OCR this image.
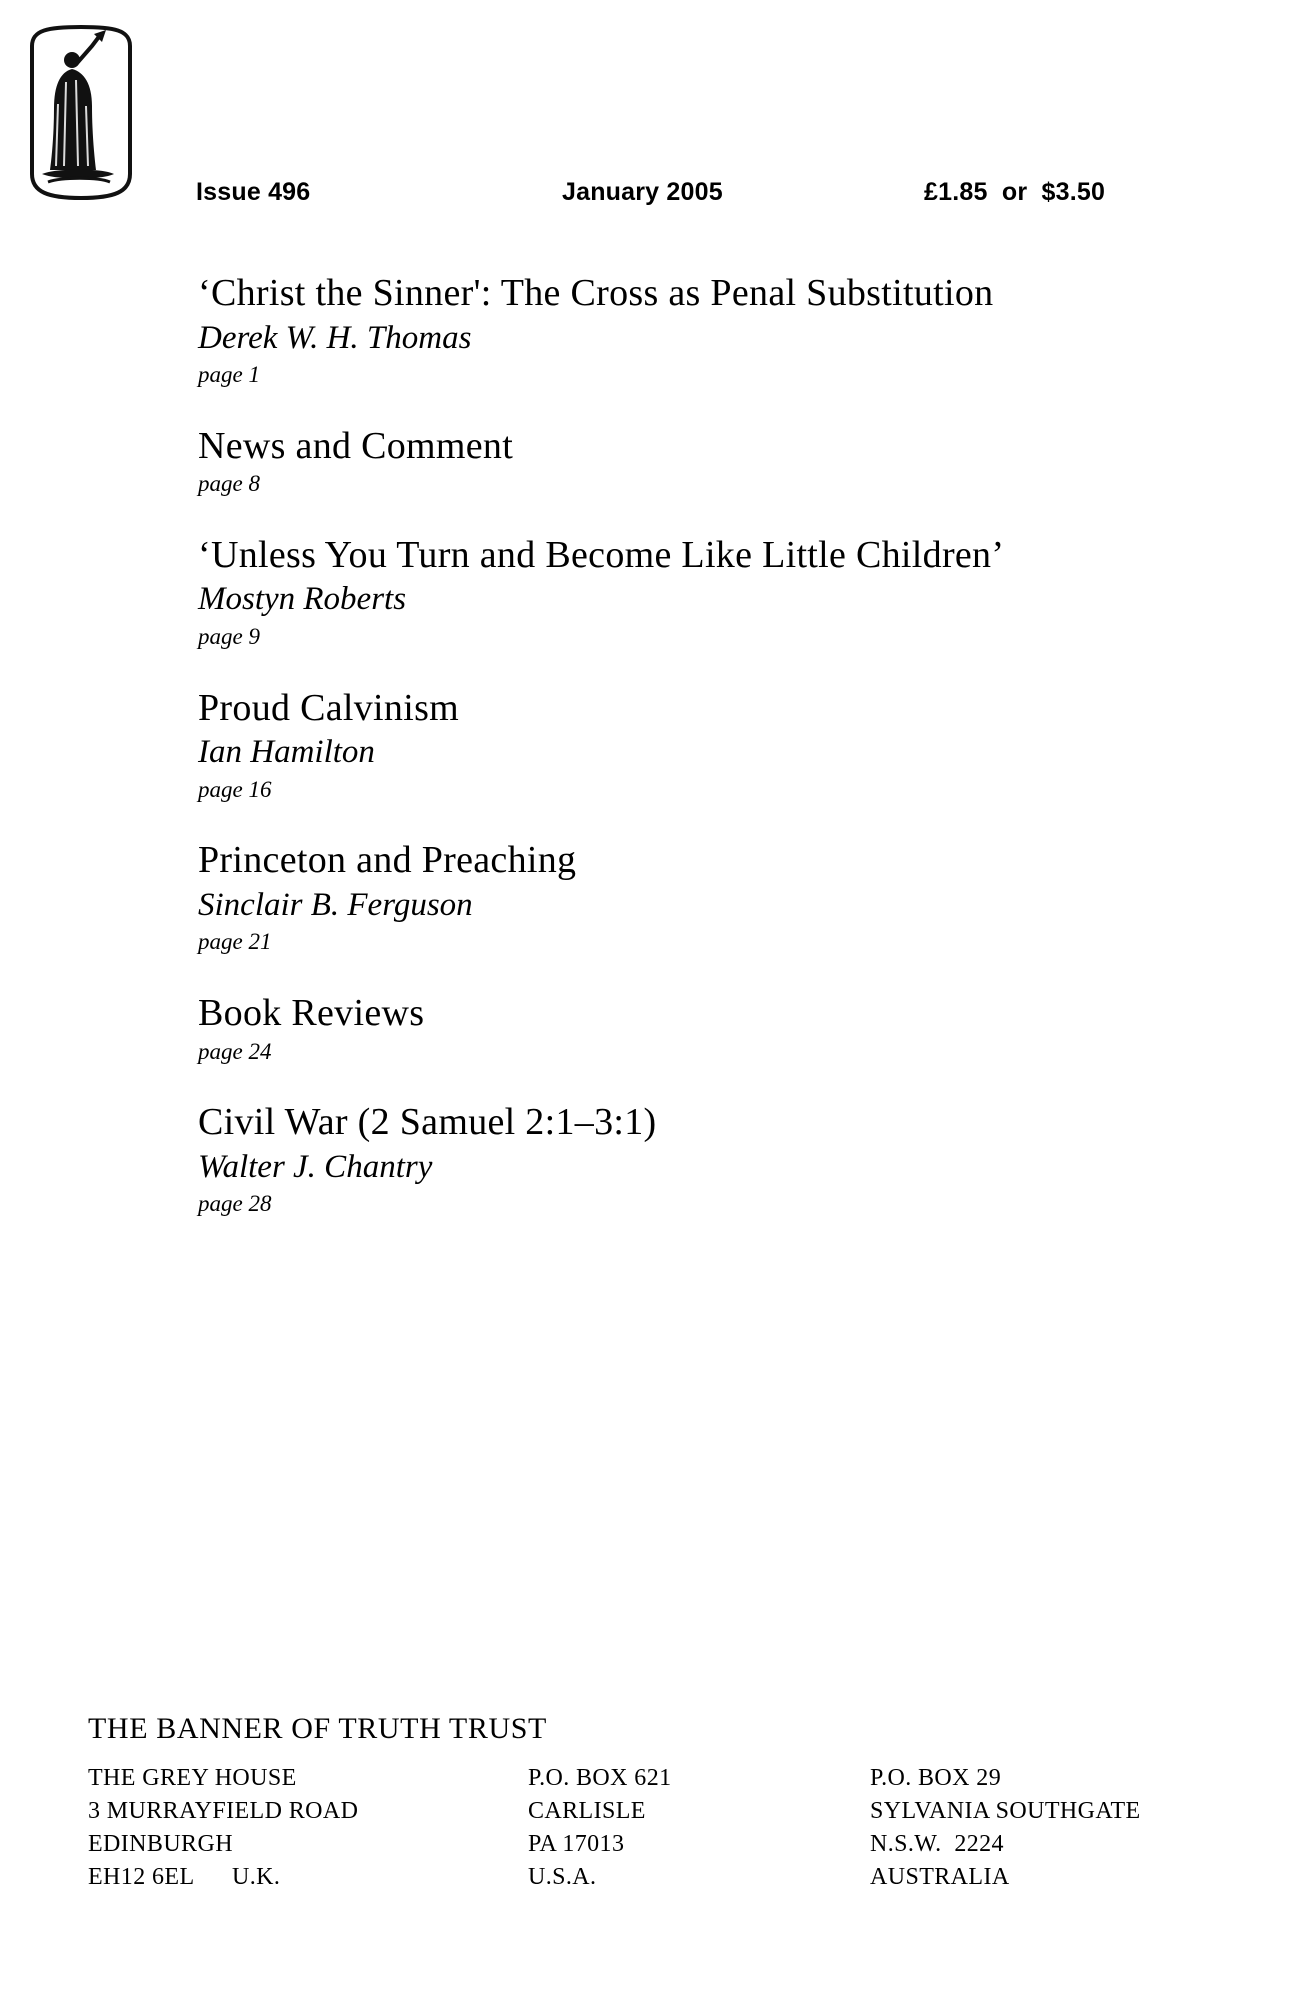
Issue 496	January 2005	£1.85  or  $3.50
‘Christ the Sinner': The Cross as Penal Substitution
Derek W. H. Thomas
page 1
News and Comment
page 8
‘Unless You Turn and Become Like Little Children’
Mostyn Roberts
page 9
Proud Calvinism
Ian Hamilton
page 16
Princeton and Preaching
Sinclair B. Ferguson
page 21
Book Reviews
page 24
Civil War (2 Samuel 2:1–3:1)
Walter J. Chantry
page 28
THE BANNER OF TRUTH TRUST
THE GREY HOUSE
3 MURRAYFIELD ROAD
EDINBURGH
EH12 6EL      U.K.
P.O. BOX 621
CARLISLE
PA 17013
U.S.A.
P.O. BOX 29
SYLVANIA SOUTHGATE
N.S.W.  2224
AUSTRALIA
